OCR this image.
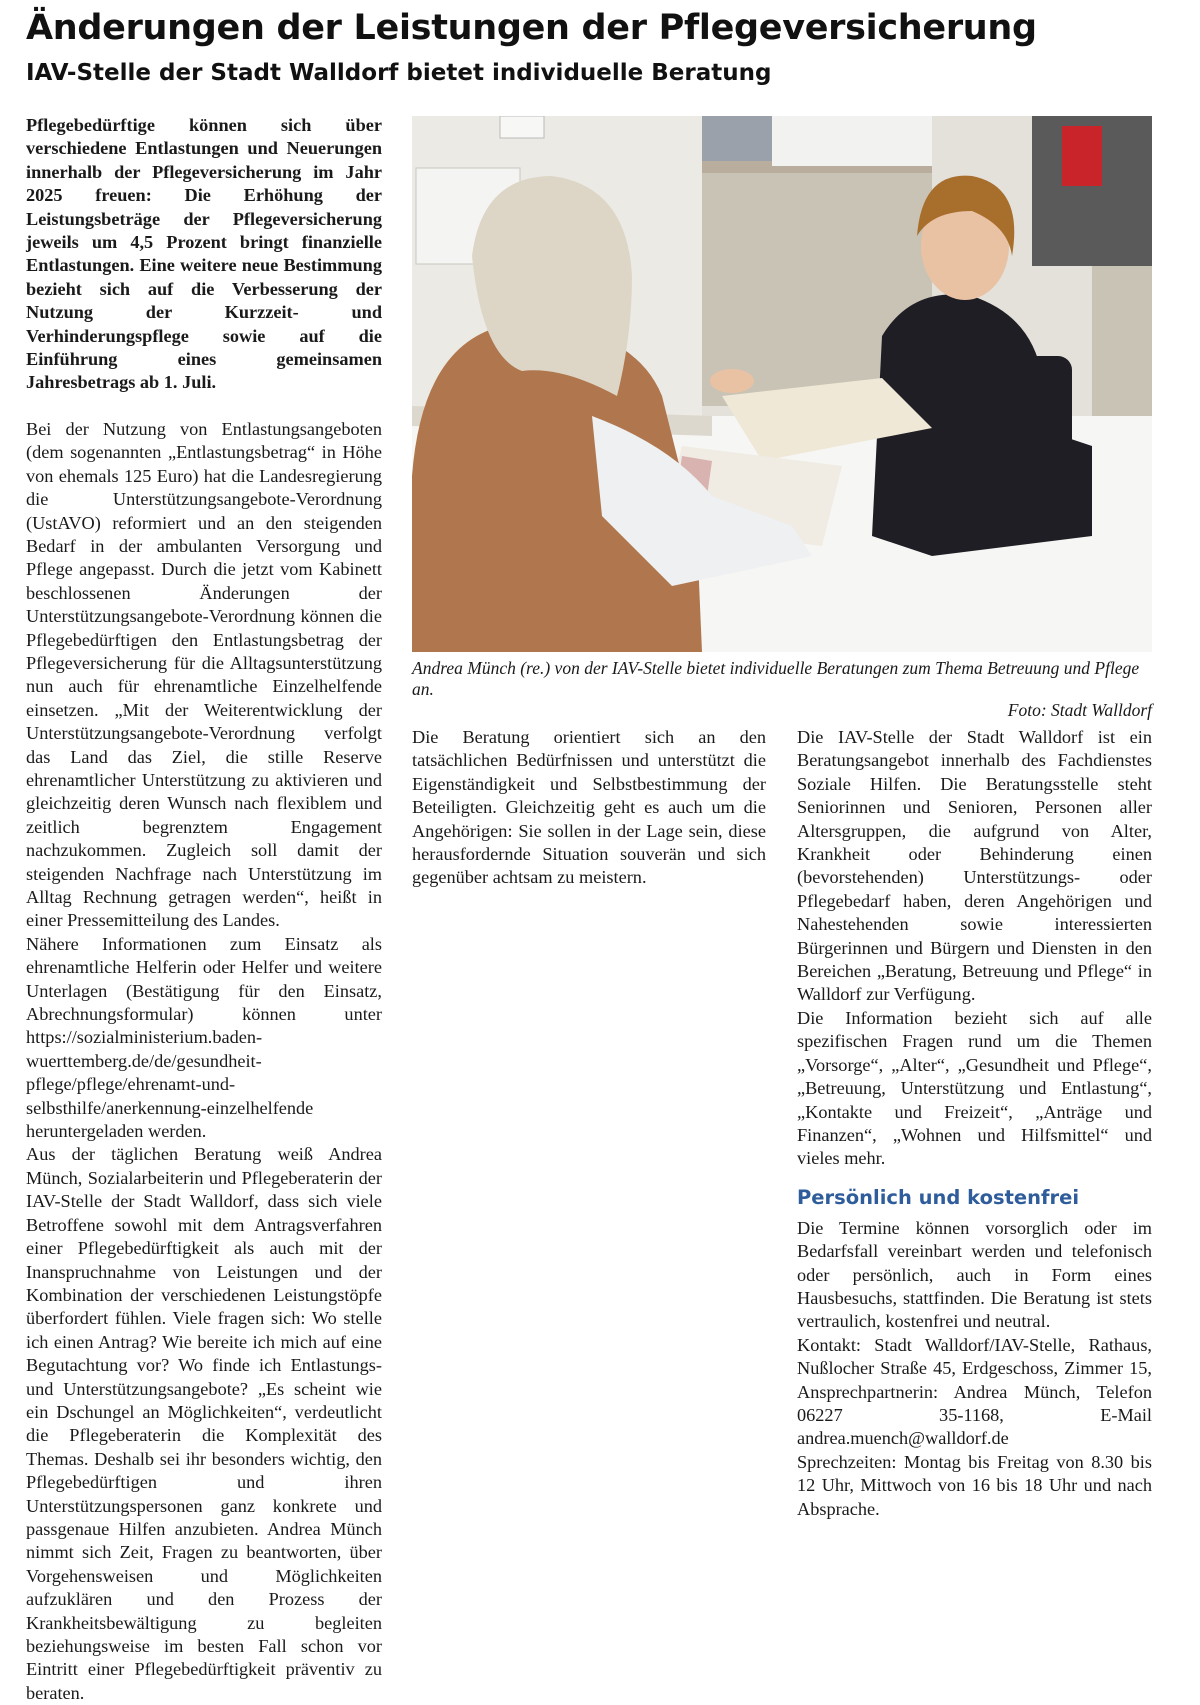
Änderungen der Leistungen der Pflegeversicherung
IAV-Stelle der Stadt Walldorf bietet individuelle Beratung

Pflegebedürftige können sich über verschiedene Entlastungen und Neuerungen innerhalb der Pflegeversicherung im Jahr 2025 freuen: Die Erhöhung der Leistungsbeträge der Pflegeversicherung jeweils um 4,5 Prozent bringt finanzielle Entlastungen. Eine weitere neue Bestimmung bezieht sich auf die Verbesserung der Nutzung der Kurzzeit- und Verhinderungspflege sowie auf die Einführung eines gemeinsamen Jahresbetrags ab 1. Juli.

Bei der Nutzung von Entlastungsangeboten (dem sogenannten „Entlastungsbetrag“ in Höhe von ehemals 125 Euro) hat die Landesregierung die Unterstützungsangebote-Verordnung (UstAVO) reformiert und an den steigenden Bedarf in der ambulanten Versorgung und Pflege angepasst. Durch die jetzt vom Kabinett beschlossenen Änderungen der Unterstützungsangebote-Verordnung können die Pflegebedürftigen den Entlastungsbetrag der Pflegeversicherung für die Alltagsunterstützung nun auch für ehrenamtliche Einzelhelfende einsetzen. „Mit der Weiterentwicklung der Unterstützungsangebote-Verordnung verfolgt das Land das Ziel, die stille Reserve ehrenamtlicher Unterstützung zu aktivieren und gleichzeitig deren Wunsch nach flexiblem und zeitlich begrenztem Engagement nachzukommen. Zugleich soll damit der steigenden Nachfrage nach Unterstützung im Alltag Rechnung getragen werden“, heißt in einer Pressemitteilung des Landes.

Nähere Informationen zum Einsatz als ehrenamtliche Helferin oder Helfer und weitere Unterlagen (Bestätigung für den Einsatz, Abrechnungsformular) können unter https://sozialministerium.baden-wuerttemberg.de/de/gesundheit-pflege/pflege/ehrenamt-und-selbsthilfe/anerkennung-einzelhelfende heruntergeladen werden.

Aus der täglichen Beratung weiß Andrea Münch, Sozialarbeiterin und Pflegeberaterin der IAV-Stelle der Stadt Walldorf, dass sich viele Betroffene sowohl mit dem Antragsverfahren einer Pflegebedürftigkeit als auch mit der Inanspruchnahme von Leistungen und der Kombination der verschiedenen Leistungstöpfe überfordert fühlen. Viele fragen sich: Wo stelle ich einen Antrag? Wie bereite ich mich auf eine Begutachtung vor? Wo finde ich Entlastungs- und Unterstützungsangebote? „Es scheint wie ein Dschungel an Möglichkeiten“, verdeutlicht die Pflegeberaterin die Komplexität des Themas. Deshalb sei ihr besonders wichtig, den Pflegebedürftigen und ihren Unterstützungspersonen ganz konkrete und passgenaue Hilfen anzubieten. Andrea Münch nimmt sich Zeit, Fragen zu beantworten, über Vorgehensweisen und Möglichkeiten aufzuklären und den Prozess der Krankheitsbewältigung zu begleiten beziehungsweise im besten Fall schon vor Eintritt einer Pflegebedürftigkeit präventiv zu beraten.

Andrea Münch (re.) von der IAV-Stelle bietet individuelle Beratungen zum Thema Betreuung und Pflege an.
Foto: Stadt Walldorf

Die Beratung orientiert sich an den tatsächlichen Bedürfnissen und unterstützt die Eigenständigkeit und Selbstbestimmung der Beteiligten. Gleichzeitig geht es auch um die Angehörigen: Sie sollen in der Lage sein, diese herausfordernde Situation souverän und sich gegenüber achtsam zu meistern.

Die IAV-Stelle der Stadt Walldorf ist ein Beratungsangebot innerhalb des Fachdienstes Soziale Hilfen. Die Beratungsstelle steht Seniorinnen und Senioren, Personen aller Altersgruppen, die aufgrund von Alter, Krankheit oder Behinderung einen (bevorstehenden) Unterstützungs- oder Pflegebedarf haben, deren Angehörigen und Nahestehenden sowie interessierten Bürgerinnen und Bürgern und Diensten in den Bereichen „Beratung, Betreuung und Pflege“ in Walldorf zur Verfügung.

Die Information bezieht sich auf alle spezifischen Fragen rund um die Themen „Vorsorge“, „Alter“, „Gesundheit und Pflege“, „Betreuung, Unterstützung und Entlastung“, „Kontakte und Freizeit“, „Anträge und Finanzen“, „Wohnen und Hilfsmittel“ und vieles mehr.

Persönlich und kostenfrei

Die Termine können vorsorglich oder im Bedarfsfall vereinbart werden und telefonisch oder persönlich, auch in Form eines Hausbesuchs, stattfinden. Die Beratung ist stets vertraulich, kostenfrei und neutral.

Kontakt: Stadt Walldorf/IAV-Stelle, Rathaus, Nußlocher Straße 45, Erdgeschoss, Zimmer 15, Ansprechpartnerin: Andrea Münch, Telefon 06227 35-1168, E-Mail andrea.muench@walldorf.de

Sprechzeiten: Montag bis Freitag von 8.30 bis 12 Uhr, Mittwoch von 16 bis 18 Uhr und nach Absprache.
